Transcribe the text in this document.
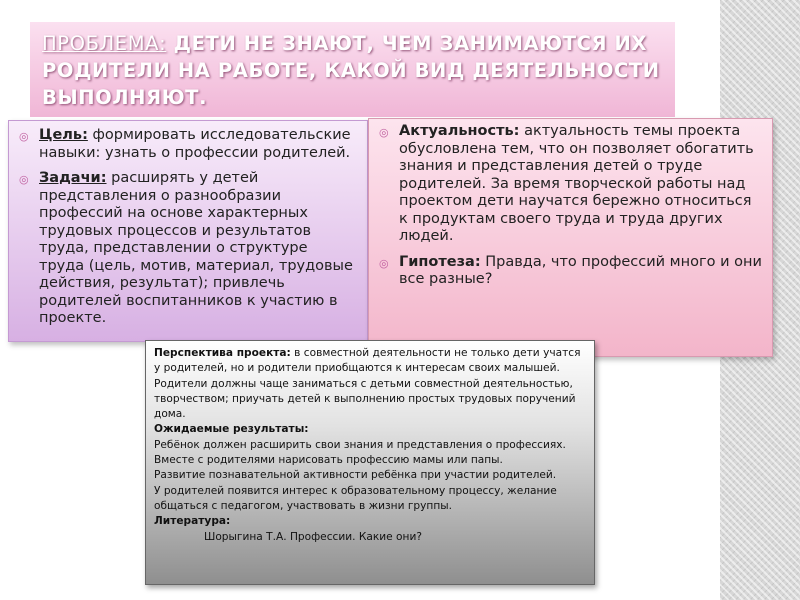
ПРОБЛЕМА: ДЕТИ НЕ ЗНАЮТ, ЧЕМ ЗАНИМАЮТСЯ ИХ РОДИТЕЛИ НА РАБОТЕ, КАКОЙ ВИД ДЕЯТЕЛЬНОСТИ ВЫПОЛНЯЮТ.
◎ Цель: формировать исследовательские навыки: узнать о профессии родителей.
◎ Задачи: расширять у детей представления о разнообразии профессий на основе характерных трудовых процессов и результатов труда, представлении о структуре труда (цель, мотив, материал, трудовые действия, результат); привлечь родителей воспитанников к участию в проекте.
◎ Актуальность: актуальность темы проекта обусловлена тем, что он позволяет обогатить знания и представления детей о труде родителей. За время творческой работы над проектом дети научатся бережно относиться к продуктам своего труда и труда других людей.
◎ Гипотеза: Правда, что профессий много и они все разные?

Перспектива проекта: в совместной деятельности не только дети учатся у родителей, но и родители приобщаются к интересам своих малышей. Родители должны чаще заниматься с детьми совместной деятельностью, творчеством; приучать детей к выполнению простых трудовых поручений дома.

Ожидаемые результаты:

Ребёнок должен расширить свои знания и представления о профессиях.

Вместе с родителями нарисовать профессию мамы или папы.

Развитие познавательной активности ребёнка при участии родителей.

У родителей появится интерес к образовательному процессу, желание общаться с педагогом, участвовать в жизни группы.

Литература:

Шорыгина Т.А. Профессии. Какие они?
